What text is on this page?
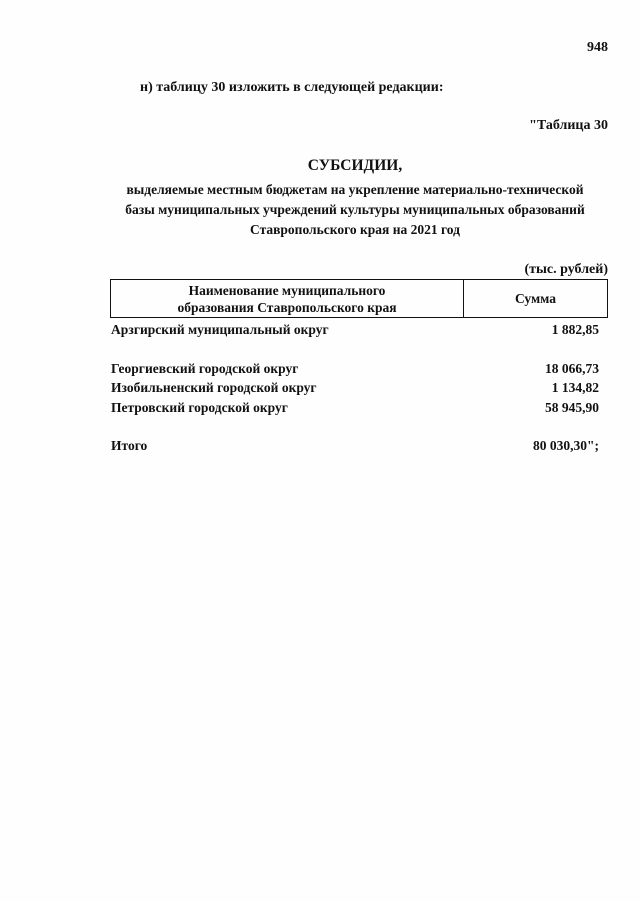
948
н) таблицу 30 изложить в следующей редакции:
"Таблица 30
СУБСИДИИ,
выделяемые местным бюджетам на укрепление материально-технической
базы муниципальных учреждений культуры муниципальных образований
Ставропольского края на 2021 год
(тыс. рублей)
Наименование муниципального
образования Ставропольского края
Сумма
Арзгирский муниципальный округ	1 882,85
Георгиевский городской округ	18 066,73
Изобильненский городской округ	1 134,82
Петровский городской округ	58 945,90
Итого	80 030,30";
